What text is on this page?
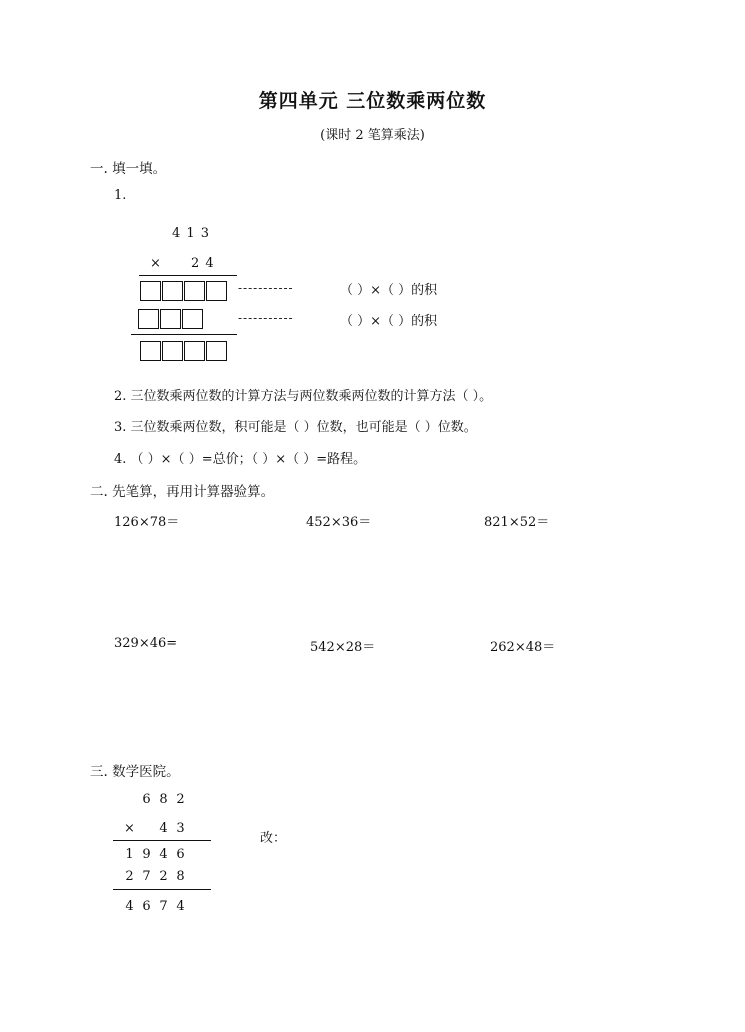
第四单元 三位数乘两位数
(课时 2 笔算乘法)
一. 填一填。
1.
4 1 3
× 2 4
-----------	（ ）×（ ）的积
-----------	（ ）×（ ）的积
2. 三位数乘两位数的计算方法与两位数乘两位数的计算方法（ ）。
3. 三位数乘两位数，积可能是（ ）位数，也可能是（ ）位数。
4. （ ）×（ ）=总价；（ ）×（ ）=路程。
二. 先笔算，再用计算器验算。
126×78＝	452×36＝	821×52＝
329×46=	542×28＝	262×48＝
三. 数学医院。
6 8 2
× 4 3
1 9 4 6
2 7 2 8
4 6 7 4
改：
